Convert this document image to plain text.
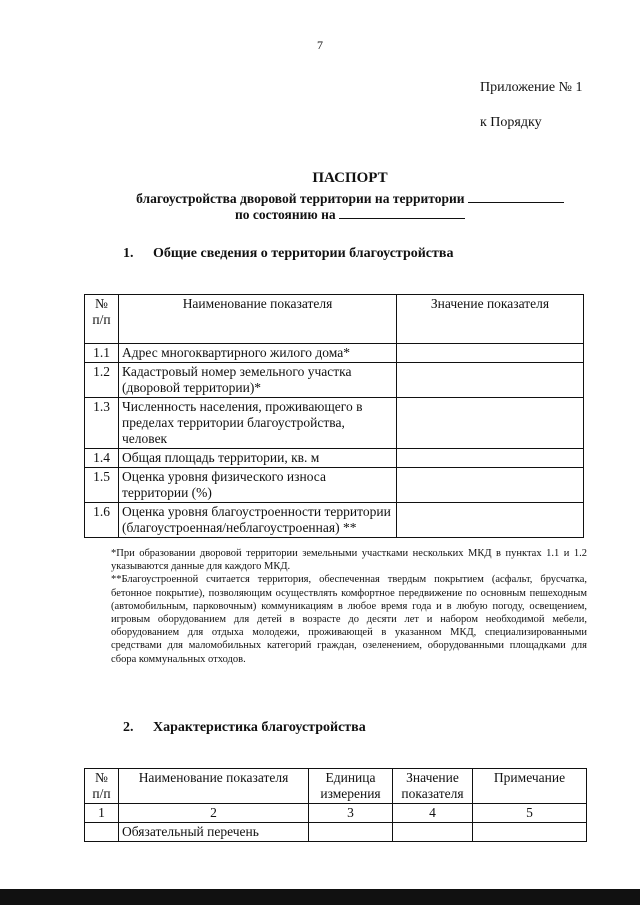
7
Приложение № 1
к Порядку
ПАСПОРТ
благоустройства дворовой территории на территории
по состоянию на
1. Общие сведения о территории благоустройства
№ п/п	Наименование показателя	Значение показателя
1.1	Адрес многоквартирного жилого дома*	
1.2	Кадастровый номер земельного участка (дворовой территории)*	
1.3	Численность населения, проживающего в пределах территории благоустройства, человек	
1.4	Общая площадь территории, кв. м	
1.5	Оценка уровня физического износа территории (%)	
1.6	Оценка уровня благоустроенности территории (благоустроенная/неблагоустроенная) **	

*При образовании дворовой территории земельными участками нескольких МКД в пунктах 1.1 и 1.2 указываются данные для каждого МКД.

**Благоустроенной считается территория, обеспеченная твердым покрытием (асфальт, брусчатка, бетонное покрытие), позволяющим осуществлять комфортное передвижение по основным пешеходным (автомобильным, парковочным) коммуникациям в любое время года и в любую погоду, освещением, игровым оборудованием для детей в возрасте до десяти лет и набором необходимой мебели, оборудованием для отдыха молодежи, проживающей в указанном МКД, специализированными средствами для маломобильных категорий граждан, озеленением, оборудованными площадками для сбора коммунальных отходов.

2. Характеристика благоустройства
№ п/п	Наименование показателя	Единица измерения	Значение показателя	Примечание
1	2	3	4	5
	Обязательный перечень			
